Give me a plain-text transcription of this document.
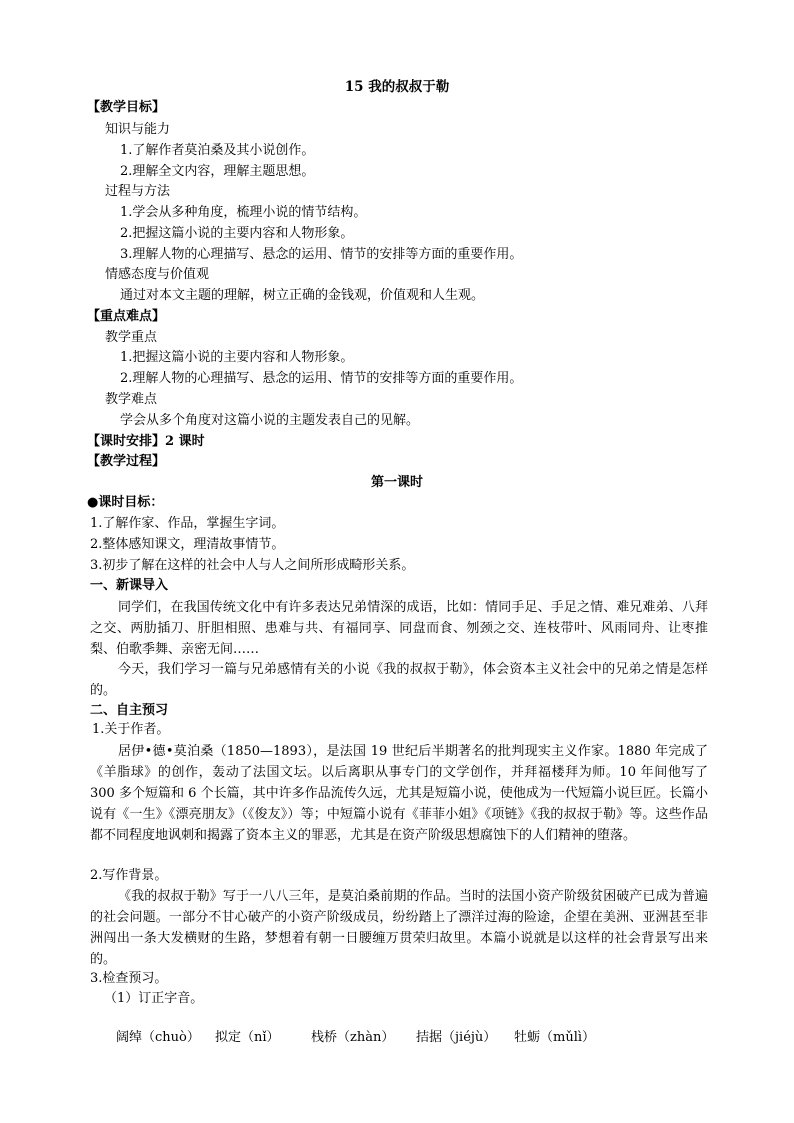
15 我的叔叔于勒
【教学目标】
知识与能力
1.了解作者莫泊桑及其小说创作。
2.理解全文内容，理解主题思想。
过程与方法
1.学会从多种角度，梳理小说的情节结构。
2.把握这篇小说的主要内容和人物形象。
3.理解人物的心理描写、悬念的运用、情节的安排等方面的重要作用。
情感态度与价值观
通过对本文主题的理解，树立正确的金钱观，价值观和人生观。
【重点难点】
教学重点
1.把握这篇小说的主要内容和人物形象。
2.理解人物的心理描写、悬念的运用、情节的安排等方面的重要作用。
教学难点
学会从多个角度对这篇小说的主题发表自己的见解。
【课时安排】2 课时
【教学过程】
第一课时
●课时目标：
1.了解作家、作品，掌握生字词。
2.整体感知课文，理清故事情节。
3.初步了解在这样的社会中人与人之间所形成畸形关系。
一、新课导入

同学们，在我国传统文化中有许多表达兄弟情深的成语，比如：情同手足、手足之情、难兄难弟、八拜之交、两肋插刀、肝胆相照、患难与共、有福同享、同盘而食、刎颈之交、连枝带叶、风雨同舟、让枣推梨、伯歌季舞、亲密无间……

今天，我们学习一篇与兄弟感情有关的小说《我的叔叔于勒》，体会资本主义社会中的兄弟之情是怎样的。

二、自主预习
1.关于作者。

居伊•德•莫泊桑（1850—1893），是法国 19 世纪后半期著名的批判现实主义作家。1880 年完成了《羊脂球》的创作，轰动了法国文坛。以后离职从事专门的文学创作，并拜福楼拜为师。10 年间他写了 300 多个短篇和 6 个长篇，其中许多作品流传久远，尤其是短篇小说，使他成为一代短篇小说巨匠。长篇小说有《一生》《漂亮朋友》（《俊友》）等；中短篇小说有《菲菲小姐》《项链》《我的叔叔于勒》等。这些作品都不同程度地讽刺和揭露了资本主义的罪恶，尤其是在资产阶级思想腐蚀下的人们精神的堕落。

2.写作背景。

《我的叔叔于勒》写于一八八三年，是莫泊桑前期的作品。当时的法国小资产阶级贫困破产已成为普遍的社会问题。一部分不甘心破产的小资产阶级成员，纷纷踏上了漂洋过海的险途，企望在美洲、亚洲甚至非洲闯出一条大发横财的生路，梦想着有朝一日腰缠万贯荣归故里。本篇小说就是以这样的社会背景写出来的。

3.检查预习。
（1）订正字音。
阔绰（chuò） 拟定（nǐ） 栈桥（zhàn） 拮据（jiéjù） 牡蛎（mǔlì）
